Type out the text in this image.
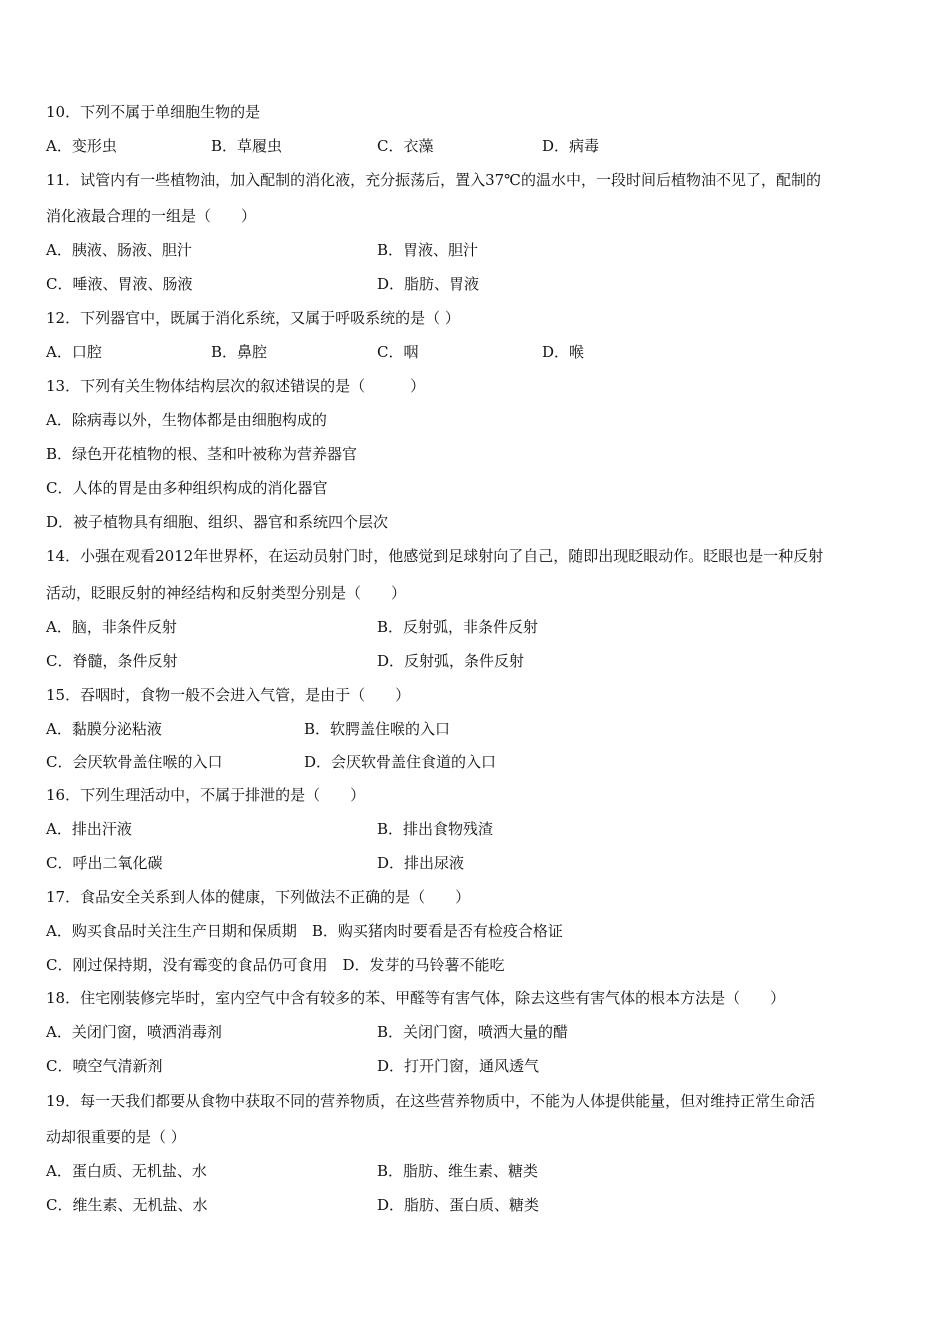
10．下列不属于单细胞生物的是
A．变形虫	B．草履虫	C．衣藻	D．病毒
11．试管内有一些植物油，加入配制的消化液，充分振荡后，置入37℃的温水中，一段时间后植物油不见了，配制的
消化液最合理的一组是（　　）
A．胰液、肠液、胆汁	B．胃液、胆汁
C．唾液、胃液、肠液	D．脂肪、胃液
12．下列器官中，既属于消化系统，又属于呼吸系统的是（ ）
A．口腔	B．鼻腔	C．咽	D．喉
13．下列有关生物体结构层次的叙述错误的是（　　　）
A．除病毒以外，生物体都是由细胞构成的
B．绿色开花植物的根、茎和叶被称为营养器官
C．人体的胃是由多种组织构成的消化器官
D．被子植物具有细胞、组织、器官和系统四个层次
14．小强在观看2012年世界杯，在运动员射门时，他感觉到足球射向了自己，随即出现眨眼动作。眨眼也是一种反射
活动，眨眼反射的神经结构和反射类型分别是（　　）
A．脑，非条件反射	B．反射弧，非条件反射
C．脊髓，条件反射	D．反射弧，条件反射
15．吞咽时，食物一般不会进入气管，是由于（　　）
A．黏膜分泌粘液	B．软腭盖住喉的入口
C．会厌软骨盖住喉的入口	D．会厌软骨盖住食道的入口
16．下列生理活动中，不属于排泄的是（　　）
A．排出汗液	B．排出食物残渣
C．呼出二氧化碳	D．排出尿液
17．食品安全关系到人体的健康，下列做法不正确的是（　　）
A．购买食品时关注生产日期和保质期　B．购买猪肉时要看是否有检疫合格证
C．刚过保持期，没有霉变的食品仍可食用　D．发芽的马铃薯不能吃
18．住宅刚装修完毕时，室内空气中含有较多的苯、甲醛等有害气体，除去这些有害气体的根本方法是（　　）
A．关闭门窗，喷洒消毒剂	B．关闭门窗，喷洒大量的醋
C．喷空气清新剂	D．打开门窗，通风透气
19．每一天我们都要从食物中获取不同的营养物质，在这些营养物质中，不能为人体提供能量，但对维持正常生命活
动却很重要的是（ ）
A．蛋白质、无机盐、水	B．脂肪、维生素、糖类
C．维生素、无机盐、水	D．脂肪、蛋白质、糖类
